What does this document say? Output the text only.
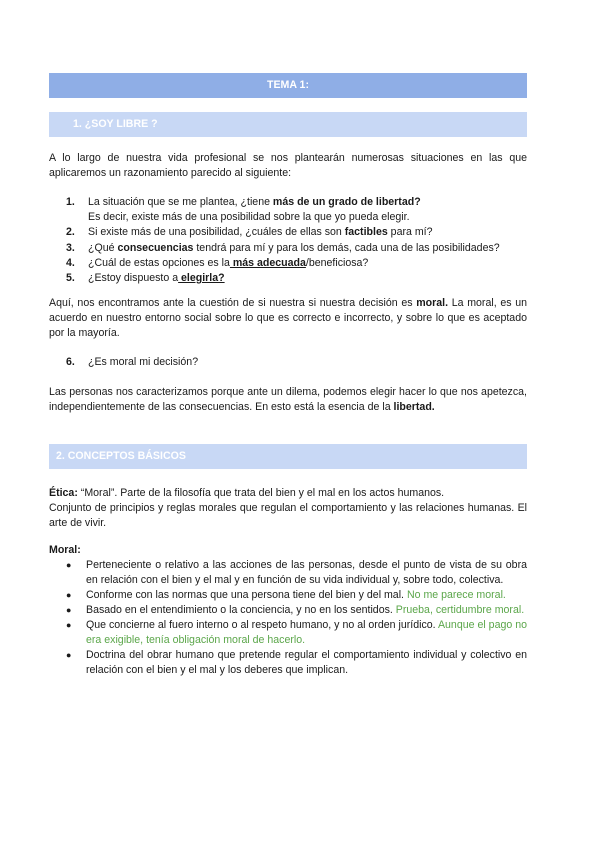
TEMA 1:
1. ¿SOY LIBRE ?

A lo largo de nuestra vida profesional se nos plantearán numerosas situaciones en las que aplicaremos un razonamiento parecido al siguiente:

1.	La situación que se me plantea, ¿tiene más de un grado de libertad?
Es decir, existe más de una posibilidad sobre la que yo pueda elegir.
2.	Si existe más de una posibilidad, ¿cuáles de ellas son factibles para mí?
3.	¿Qué consecuencias tendrá para mí y para los demás, cada una de las posibilidades?
4.	¿Cuál de estas opciones es la más adecuada/beneficiosa?
5.	¿Estoy dispuesto a elegirla?

Aquí, nos encontramos ante la cuestión de si nuestra si nuestra decisión es moral. La moral, es un acuerdo en nuestro entorno social sobre lo que es correcto e incorrecto, y sobre lo que es aceptado por la mayoría.

6.	¿Es moral mi decisión?

Las personas nos caracterizamos porque ante un dilema, podemos elegir hacer lo que nos apetezca, independientemente de las consecuencias. En esto está la esencia de la libertad.

2. CONCEPTOS BÁSICOS

Ética: “Moral”. Parte de la filosofía que trata del bien y el mal en los actos humanos.

Conjunto de principios y reglas morales que regulan el comportamiento y las relaciones humanas. El arte de vivir.

Moral:

●	Perteneciente o relativo a las acciones de las personas, desde el punto de vista de su obra en relación con el bien y el mal y en función de su vida individual y, sobre todo, colectiva.
●	Conforme con las normas que una persona tiene del bien y del mal. No me parece moral.
●	Basado en el entendimiento o la conciencia, y no en los sentidos. Prueba, certidumbre moral.
●	Que concierne al fuero interno o al respeto humano, y no al orden jurídico. Aunque el pago no era exigible, tenía obligación moral de hacerlo.
●	Doctrina del obrar humano que pretende regular el comportamiento individual y colectivo en relación con el bien y el mal y los deberes que implican.
